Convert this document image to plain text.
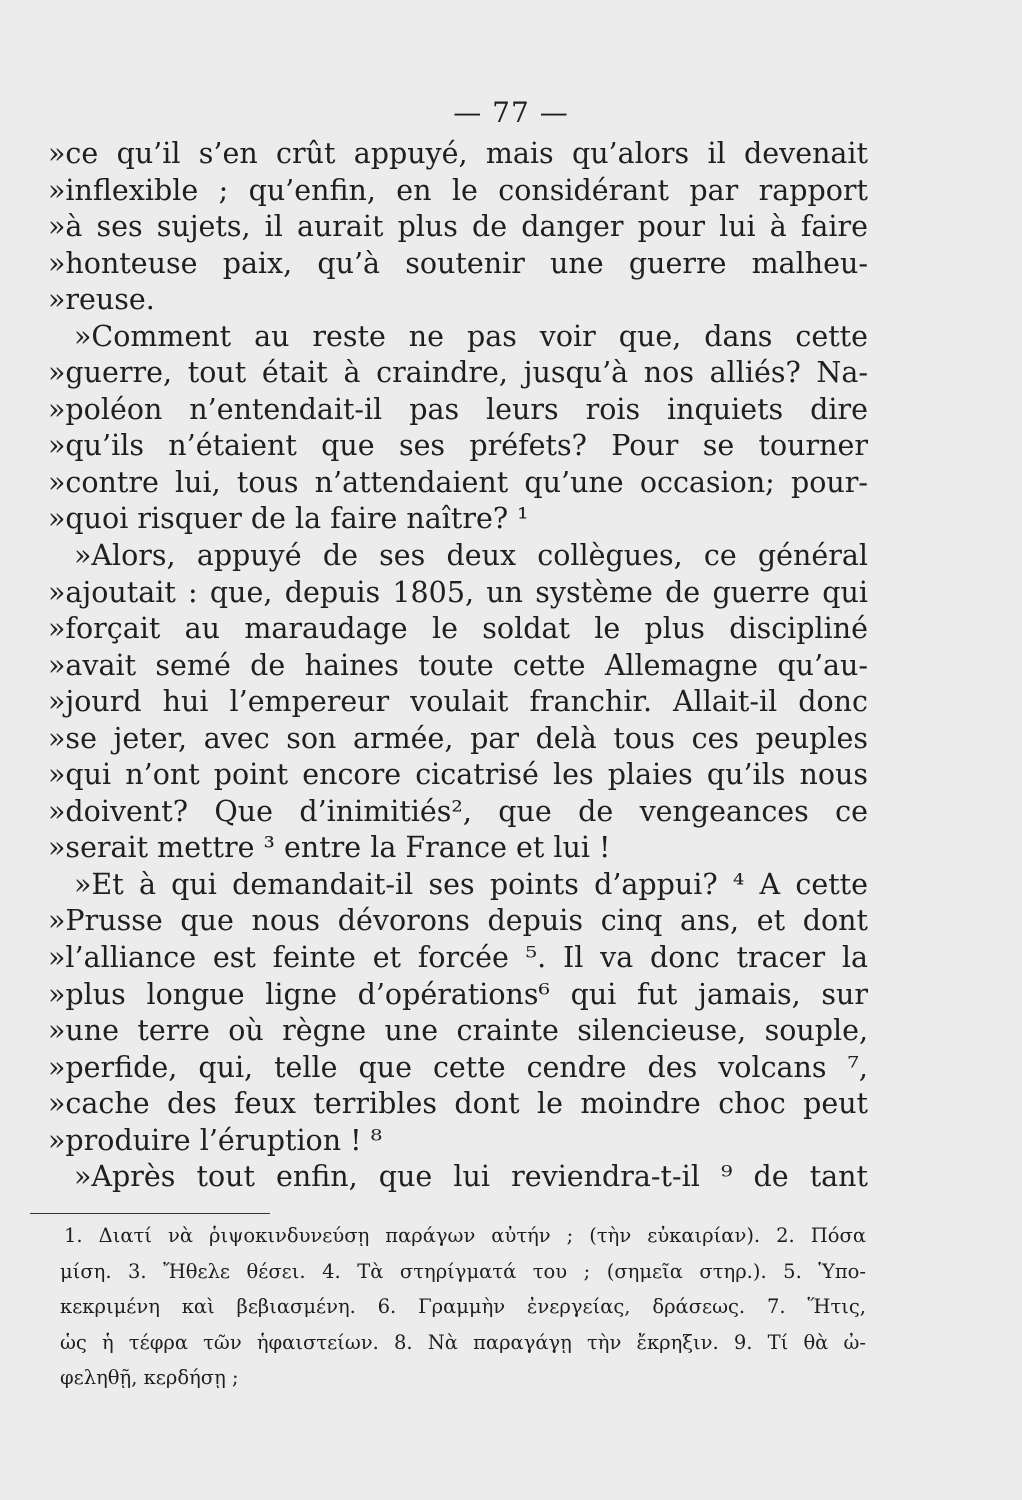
— 77 —
»ce qu’il s’en crût appuyé, mais qu’alors il devenait
»inflexible ; qu’enfin, en le considérant par rapport
»à ses sujets, il aurait plus de danger pour lui à faire
»honteuse paix, qu’à soutenir une guerre malheu-
»reuse.
»Comment au reste ne pas voir que, dans cette
»guerre, tout était à craindre, jusqu’à nos alliés? Na-
»poléon n’entendait-il pas leurs rois inquiets dire
»qu’ils n’étaient que ses préfets? Pour se tourner
»contre lui, tous n’attendaient qu’une occasion; pour-
»quoi risquer de la faire naître? ¹
»Alors, appuyé de ses deux collègues, ce général
»ajoutait : que, depuis 1805, un système de guerre qui
»forçait au maraudage le soldat le plus discipliné
»avait semé de haines toute cette Allemagne qu’au-
»jourd hui l’empereur voulait franchir. Allait-il donc
»se jeter, avec son armée, par delà tous ces peuples
»qui n’ont point encore cicatrisé les plaies qu’ils nous
»doivent? Que d’inimitiés², que de vengeances ce
»serait mettre ³ entre la France et lui !
»Et à qui demandait-il ses points d’appui? ⁴ A cette
»Prusse que nous dévorons depuis cinq ans, et dont
»l’alliance est feinte et forcée ⁵. Il va donc tracer la
»plus longue ligne d’opérations⁶ qui fut jamais, sur
»une terre où règne une crainte silencieuse, souple,
»perfide, qui, telle que cette cendre des volcans ⁷,
»cache des feux terribles dont le moindre choc peut
»produire l’éruption ! ⁸
»Après tout enfin, que lui reviendra-t-il ⁹ de tant
1. Διατί νὰ ῥιψοκινδυνεύσῃ παράγων αὐτήν ; (τὴν εὐκαιρίαν). 2. Πόσα
μίση. 3. Ἤθελε θέσει. 4. Τὰ στηρίγματά του ; (σημεῖα στηρ.). 5. Ὑπο-
κεκριμένη καὶ βεβιασμένη. 6. Γραμμὴν ἐνεργείας, δράσεως. 7. Ἥτις,
ὡς ἡ τέφρα τῶν ἡφαιστείων. 8. Νὰ παραγάγῃ τὴν ἔκρηξιν. 9. Τί θὰ ὠ-
φεληθῇ, κερδήσῃ ;
